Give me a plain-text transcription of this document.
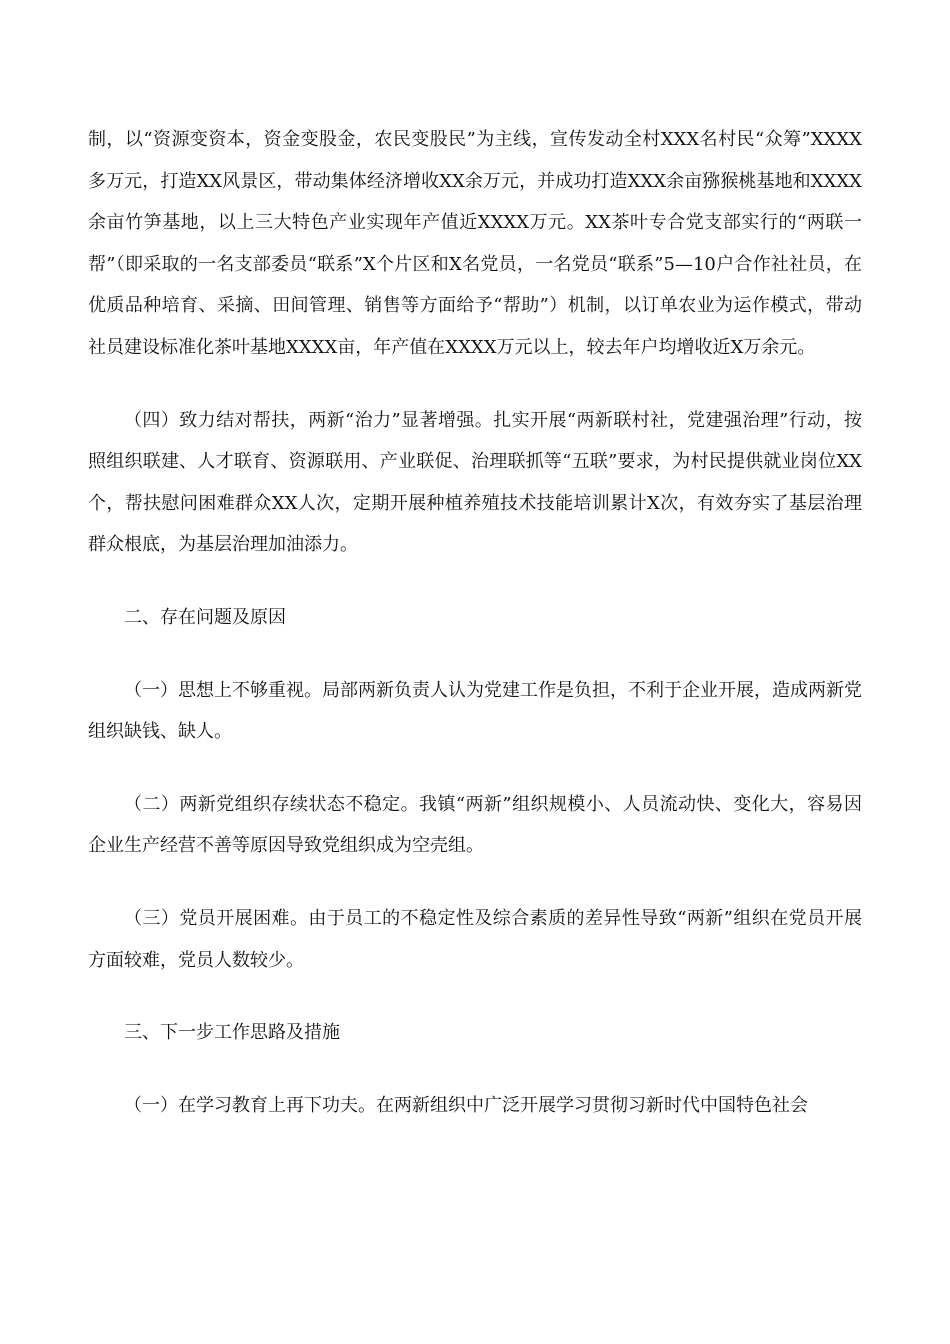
制，以“资源变资本，资金变股金，农民变股民”为主线，宣传发动全村XXX名村民“众筹”XXXX多万元，打造XX风景区，带动集体经济增收XX余万元，并成功打造XXX余亩猕猴桃基地和XXXX余亩竹笋基地，以上三大特色产业实现年产值近XXXX万元。XX茶叶专合党支部实行的“两联一帮”（即采取的一名支部委员“联系”X个片区和X名党员，一名党员“联系”5—10户合作社社员，在优质品种培育、采摘、田间管理、销售等方面给予“帮助”）机制，以订单农业为运作模式，带动社员建设标准化茶叶基地XXXX亩，年产值在XXXX万元以上，较去年户均增收近X万余元。

（四）致力结对帮扶，两新“治力”显著增强。扎实开展“两新联村社，党建强治理”行动，按照组织联建、人才联育、资源联用、产业联促、治理联抓等“五联”要求，为村民提供就业岗位XX个，帮扶慰问困难群众XX人次，定期开展种植养殖技术技能培训累计X次，有效夯实了基层治理群众根底，为基层治理加油添力。

二、存在问题及原因

（一）思想上不够重视。局部两新负责人认为党建工作是负担，不利于企业开展，造成两新党组织缺钱、缺人。

（二）两新党组织存续状态不稳定。我镇“两新”组织规模小、人员流动快、变化大，容易因企业生产经营不善等原因导致党组织成为空壳组。

（三）党员开展困难。由于员工的不稳定性及综合素质的差异性导致“两新”组织在党员开展方面较难，党员人数较少。

三、下一步工作思路及措施

（一）在学习教育上再下功夫。在两新组织中广泛开展学习贯彻习新时代中国特色社会
